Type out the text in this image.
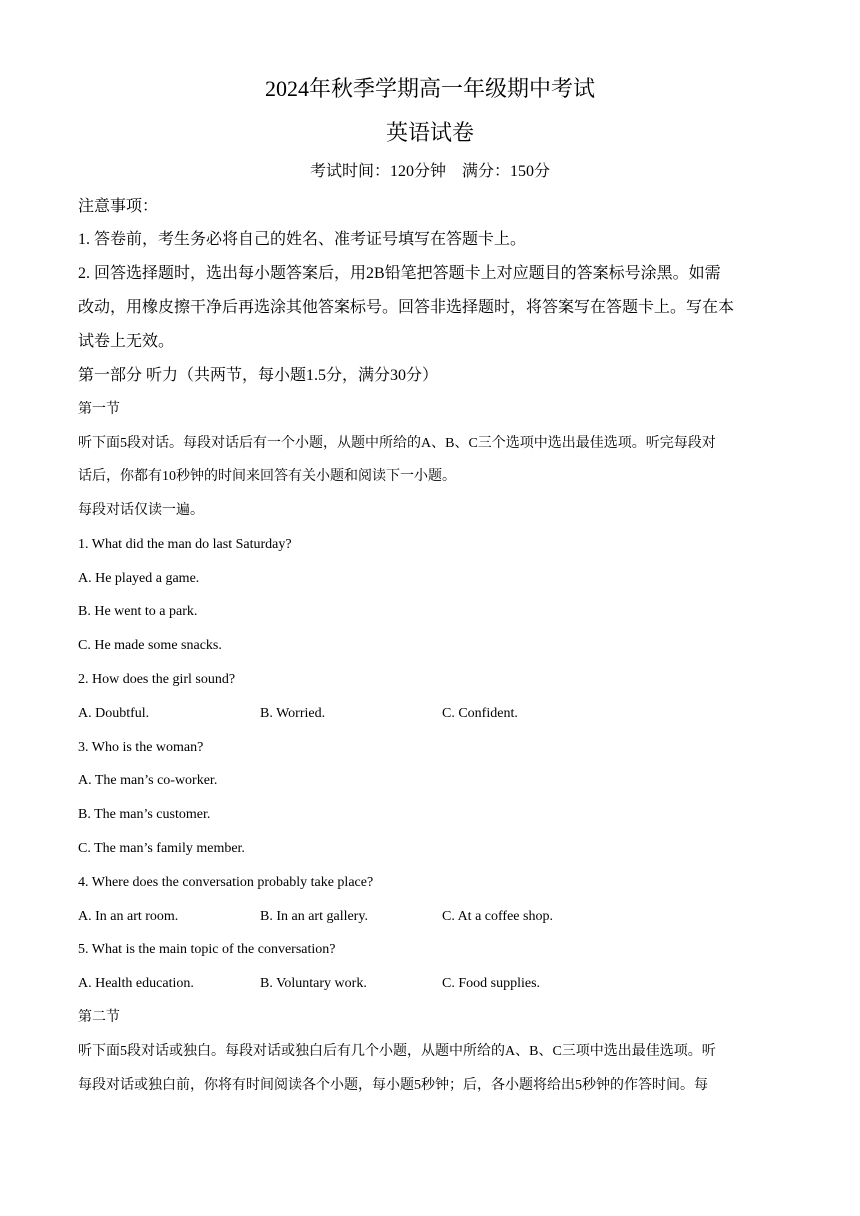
2024年秋季学期高一年级期中考试
英语试卷
考试时间：120分钟　满分：150分
注意事项：
1. 答卷前，考生务必将自己的姓名、准考证号填写在答题卡上。
2. 回答选择题时，选出每小题答案后，用2B铅笔把答题卡上对应题目的答案标号涂黑。如需
改动，用橡皮擦干净后再选涂其他答案标号。回答非选择题时，将答案写在答题卡上。写在本
试卷上无效。
第一部分 听力（共两节，每小题1.5分，满分30分）
第一节
听下面5段对话。每段对话后有一个小题，从题中所给的A、B、C三个选项中选出最佳选项。听完每段对
话后，你都有10秒钟的时间来回答有关小题和阅读下一小题。
每段对话仅读一遍。
1. What did the man do last Saturday?
A. He played a game.
B. He went to a park.
C. He made some snacks.
2. How does the girl sound?
A. Doubtful.	B. Worried.	C. Confident.
3. Who is the woman?
A. The man’s co-worker.
B. The man’s customer.
C. The man’s family member.
4. Where does the conversation probably take place?
A. In an art room.	B. In an art gallery.	C. At a coffee shop.
5. What is the main topic of the conversation?
A. Health education.	B. Voluntary work.	C. Food supplies.
第二节
听下面5段对话或独白。每段对话或独白后有几个小题，从题中所给的A、B、C三项中选出最佳选项。听
每段对话或独白前，你将有时间阅读各个小题，每小题5秒钟；后，各小题将给出5秒钟的作答时间。每
